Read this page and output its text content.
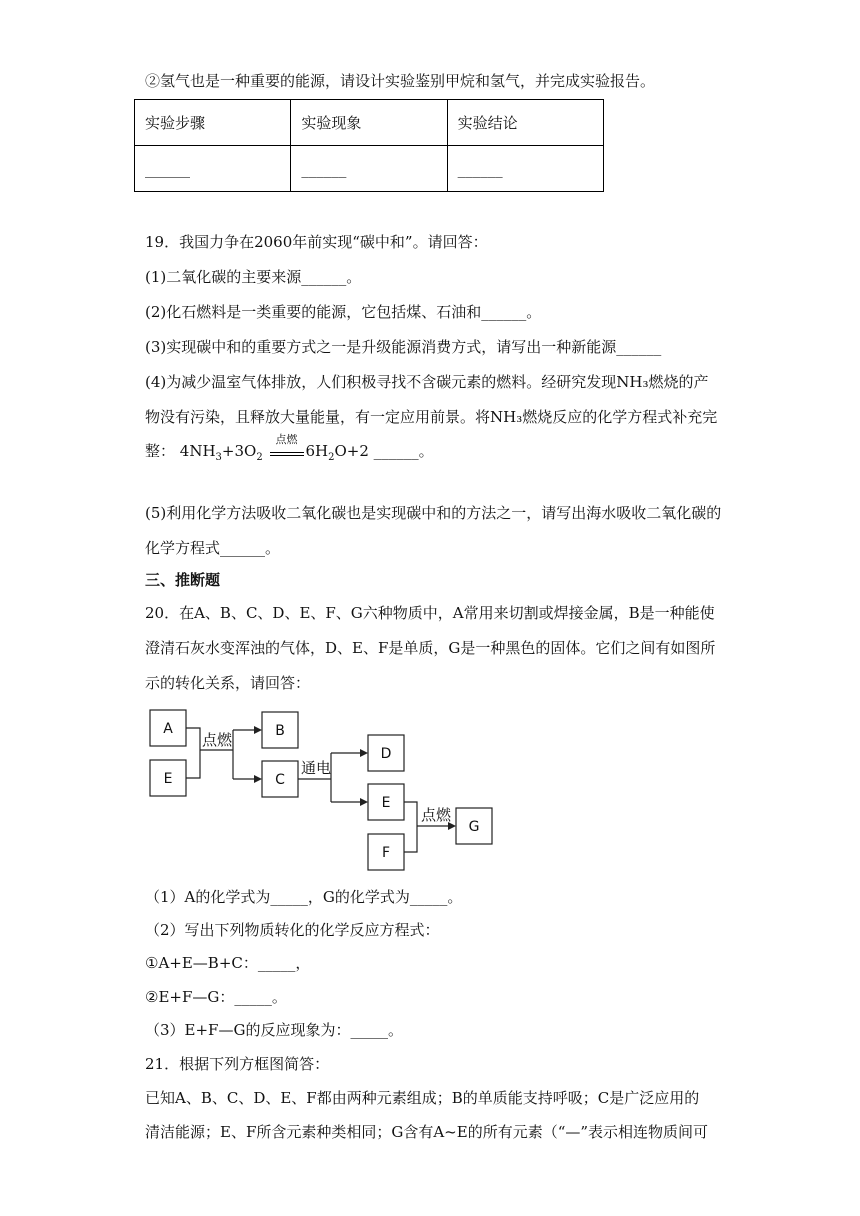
②氢气也是一种重要的能源，请设计实验鉴别甲烷和氢气，并完成实验报告。
实验步骤	实验现象	实验结论
______	______	______
19．我国力争在2060年前实现“碳中和”。请回答：
(1)二氧化碳的主要来源______。
(2)化石燃料是一类重要的能源，它包括煤、石油和______。
(3)实现碳中和的重要方式之一是升级能源消费方式，请写出一种新能源______
(4)为减少温室气体排放，人们积极寻找不含碳元素的燃料。经研究发现NH₃燃烧的产
物没有污染，且释放大量能量，有一定应用前景。将NH₃燃烧反应的化学方程式补充完
整： $4NH_3+3O_2$
点燃
$6H_2O+2$ ______。
(5)利用化学方法吸收二氧化碳也是实现碳中和的方法之一，请写出海水吸收二氧化碳的
化学方程式______。
三、推断题
20．在A、B、C、D、E、F、G六种物质中，A常用来切割或焊接金属，B是一种能使
澄清石灰水变浑浊的气体，D、E、F是单质，G是一种黑色的固体。它们之间有如图所
示的转化关系，请回答：
A
E
B
C
D
E
F
G
点燃
通电
点燃
（1）A的化学式为_____，G的化学式为_____。
（2）写出下列物质转化的化学反应方程式：
①A+E—B+C：_____，
②E+F—G：_____。
（3）E+F—G的反应现象为：_____。
21．根据下列方框图简答：
已知A、B、C、D、E、F都由两种元素组成；B的单质能支持呼吸；C是广泛应用的
清洁能源；E、F所含元素种类相同；G含有A~E的所有元素（“—”表示相连物质间可
